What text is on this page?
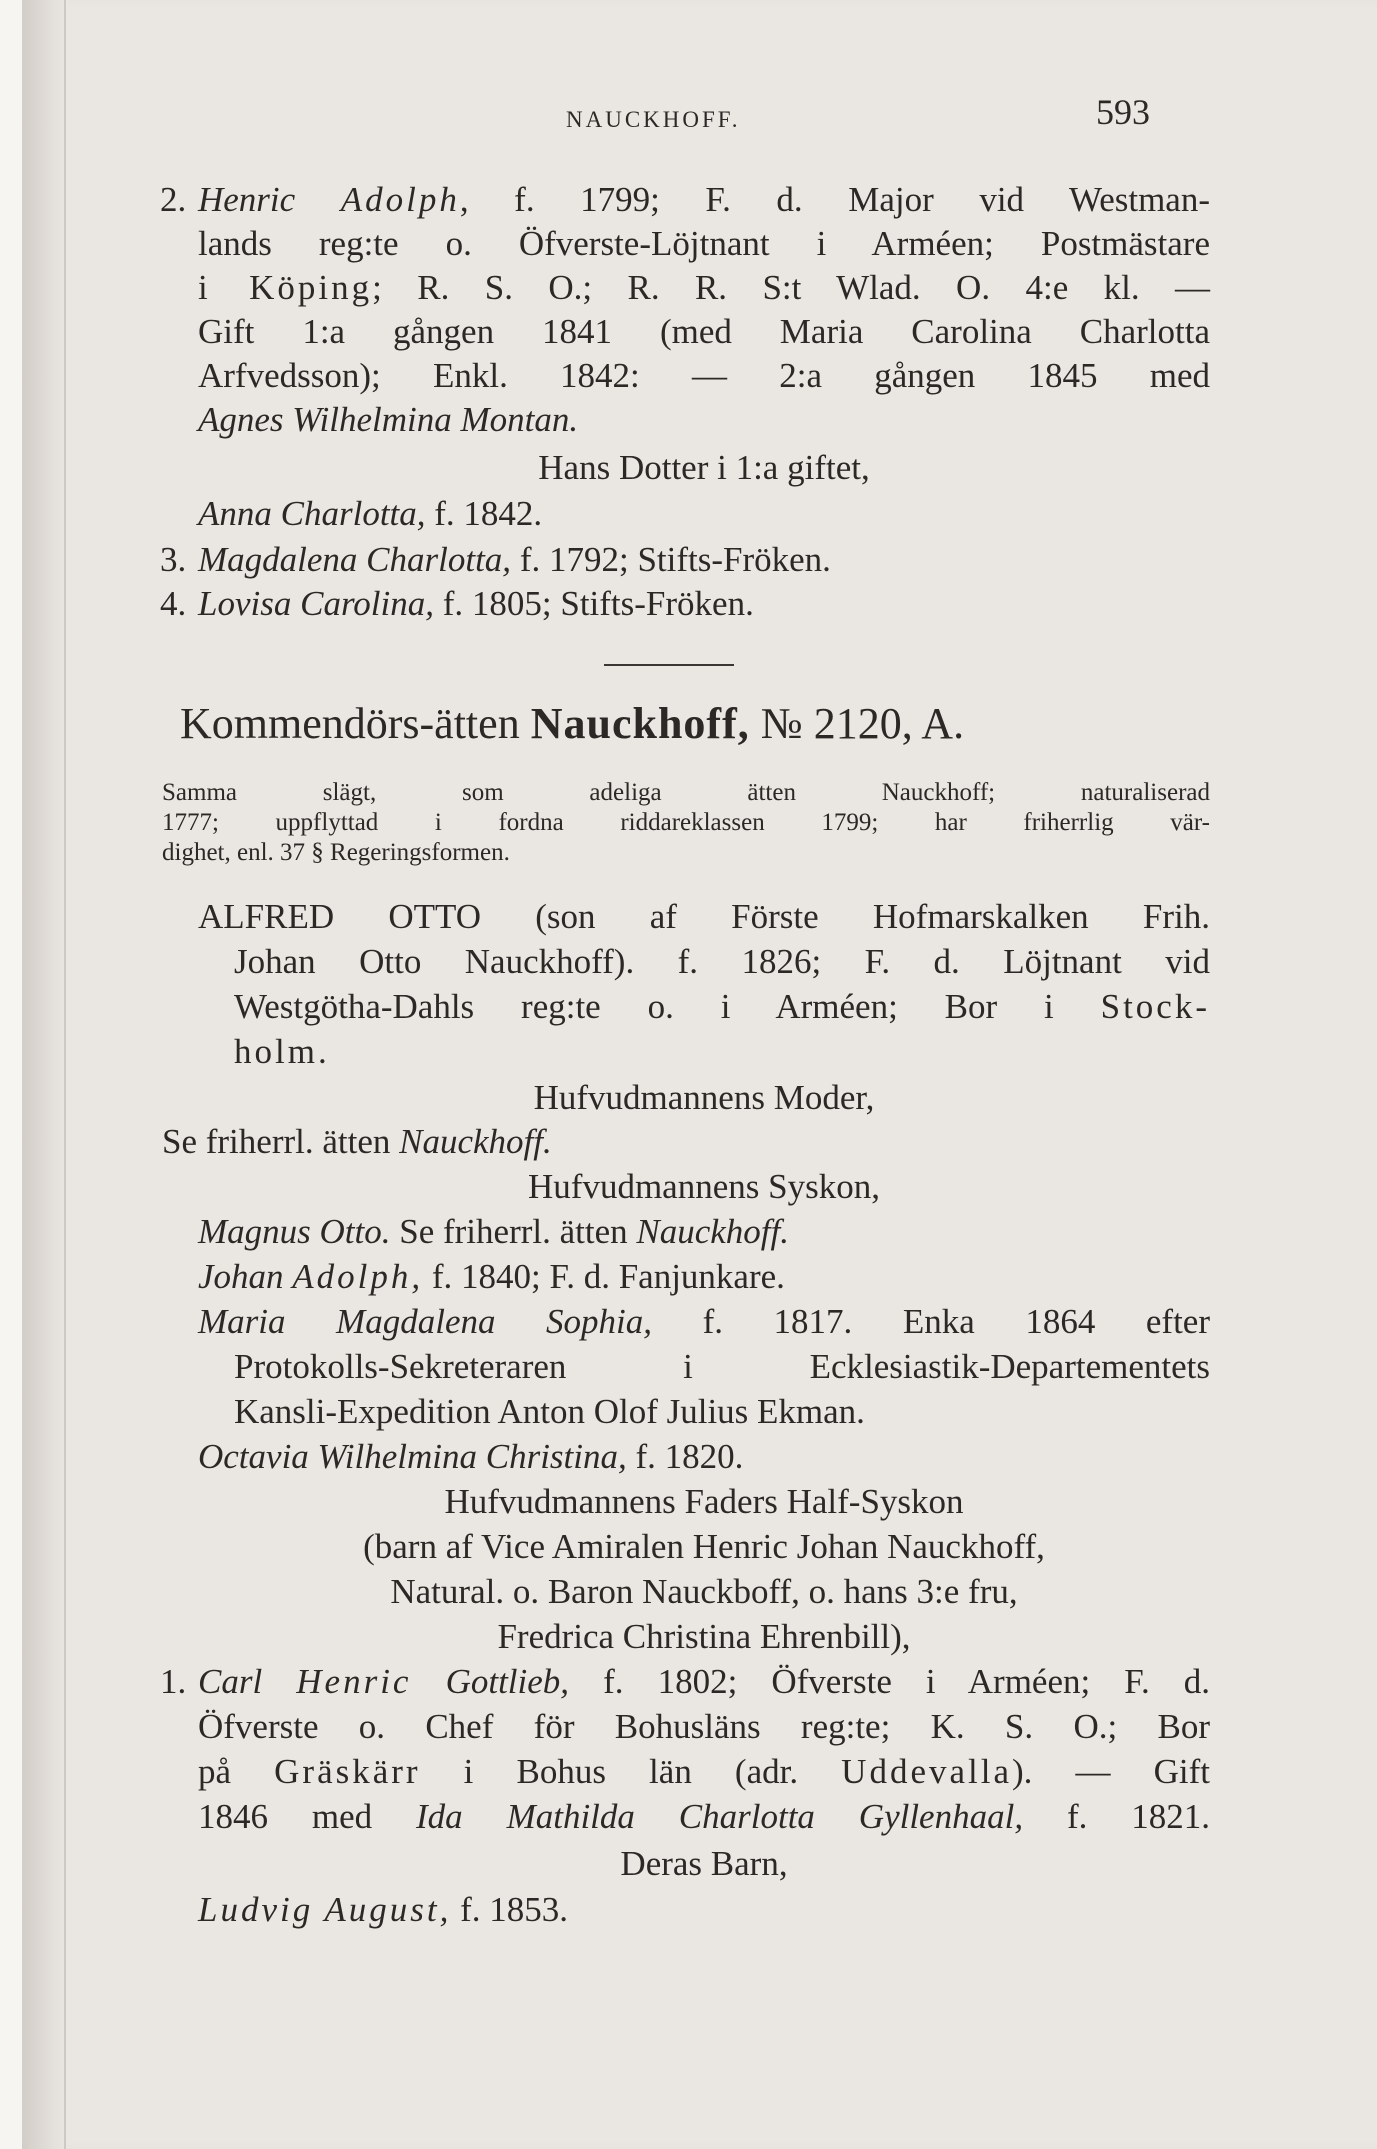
NAUCKHOFF.	593
2. Henric Adolph, f. 1799; F. d. Major vid Westman-
lands reg:te o. Öfverste-Löjtnant i Arméen; Postmästare
i Köping; R. S. O.; R. R. S:t Wlad. O. 4:e kl. —
Gift 1:a gången 1841 (med Maria Carolina Charlotta
Arfvedsson); Enkl. 1842: — 2:a gången 1845 med
Agnes Wilhelmina Montan.
Hans Dotter i 1:a giftet,
Anna Charlotta, f. 1842.
3. Magdalena Charlotta, f. 1792; Stifts-Fröken.
4. Lovisa Carolina, f. 1805; Stifts-Fröken.
Kommendörs-ätten Nauckhoff, № 2120, A.
Samma slägt, som adeliga ätten Nauckhoff; naturaliserad
1777; uppflyttad i fordna riddareklassen 1799; har friherrlig vär-
dighet, enl. 37 § Regeringsformen.
ALFRED OTTO (son af Förste Hofmarskalken Frih.
Johan Otto Nauckhoff). f. 1826; F. d. Löjtnant vid
Westgötha-Dahls reg:te o. i Arméen; Bor i Stock-
holm.
Hufvudmannens Moder,
Se friherrl. ätten Nauckhoff.
Hufvudmannens Syskon,
Magnus Otto. Se friherrl. ätten Nauckhoff.
Johan Adolph, f. 1840; F. d. Fanjunkare.
Maria Magdalena Sophia, f. 1817. Enka 1864 efter
Protokolls-Sekreteraren i Ecklesiastik-Departementets
Kansli-Expedition Anton Olof Julius Ekman.
Octavia Wilhelmina Christina, f. 1820.
Hufvudmannens Faders Half-Syskon
(barn af Vice Amiralen Henric Johan Nauckhoff,
Natural. o. Baron Nauckboff, o. hans 3:e fru,
Fredrica Christina Ehrenbill),
1. Carl Henric Gottlieb, f. 1802; Öfverste i Arméen; F. d.
Öfverste o. Chef för Bohusläns reg:te; K. S. O.; Bor
på Gräskärr i Bohus län (adr. Uddevalla). — Gift
1846 med Ida Mathilda Charlotta Gyllenhaal, f. 1821.
Deras Barn,
Ludvig August, f. 1853.
